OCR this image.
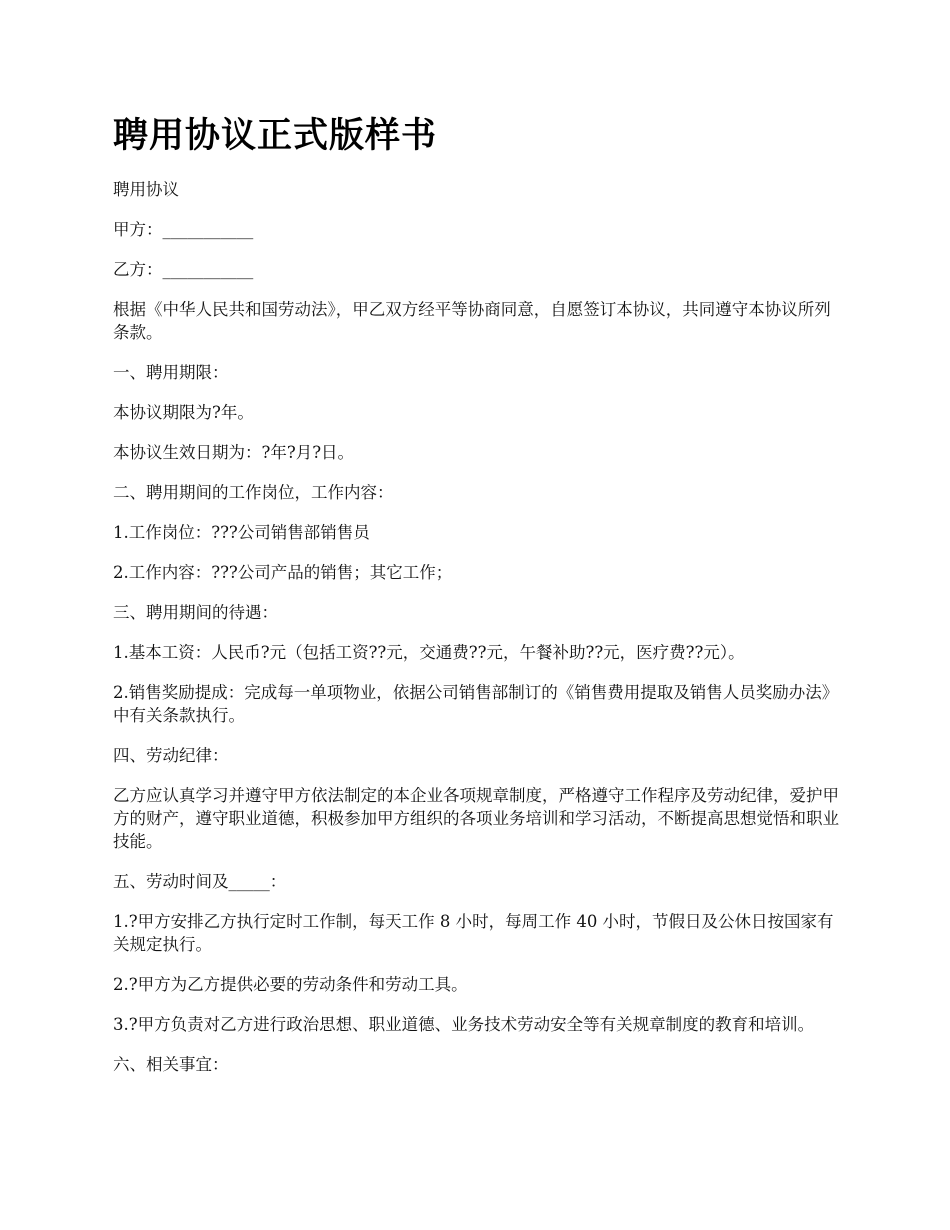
聘用协议正式版样书

聘用协议

甲方：___________

乙方：___________

根据《中华人民共和国劳动法》，甲乙双方经平等协商同意，自愿签订本协议，共同遵守本协议所列条款。

一、聘用期限：

本协议期限为?年。

本协议生效日期为：?年?月?日。

二、聘用期间的工作岗位，工作内容：

1.工作岗位：???公司销售部销售员

2.工作内容：???公司产品的销售；其它工作；

三、聘用期间的待遇：

1.基本工资：人民币?元（包括工资??元，交通费??元，午餐补助??元，医疗费??元）。

2.销售奖励提成：完成每一单项物业，依据公司销售部制订的《销售费用提取及销售人员奖励办法》中有关条款执行。

四、劳动纪律：

乙方应认真学习并遵守甲方依法制定的本企业各项规章制度，严格遵守工作程序及劳动纪律，爱护甲方的财产，遵守职业道德，积极参加甲方组织的各项业务培训和学习活动，不断提高思想觉悟和职业技能。

五、劳动时间及_____：

1.?甲方安排乙方执行定时工作制，每天工作 8 小时，每周工作 40 小时，节假日及公休日按国家有关规定执行。

2.?甲方为乙方提供必要的劳动条件和劳动工具。

3.?甲方负责对乙方进行政治思想、职业道德、业务技术劳动安全等有关规章制度的教育和培训。

六、相关事宜：
